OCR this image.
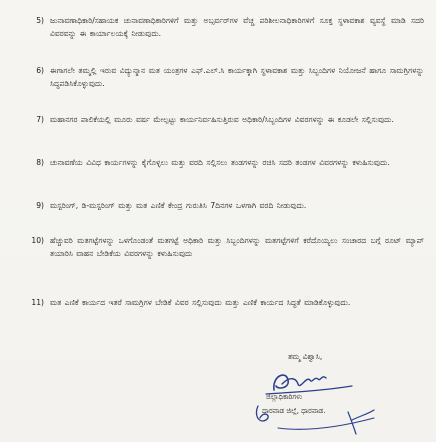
5) ಜುನಾವಣಾಧಿಕಾರಿ/ಸಹಾಯಕ ಚುನಾವಣಾಧಿಕಾರಿಗಳಿಗೆ ಮತ್ತು ಅಬ್ಸರ್ವರ್‌ಗಳ ವೆಚ್ಚ ಪರಿಶೀಲನಾಧಿಕಾರಿಗಳಿಗೆ ಸೂಕ್ತ ಸ್ಥಳಾವಕಾಶ ವ್ಯವಸ್ಥೆ ಮಾಡಿ ಸದರಿ ವಿವರವನ್ನು ಈ ಕಾರ್ಯಾಲಯಕ್ಕೆ ನೀಡುವುದು.
6) ಈಗಾಗಲೇ ತಮ್ಮಲ್ಲಿ ಇರುವ ವಿದ್ಯುನ್ಮಾನ ಮತ ಯಂತ್ರಗಳ ಎಫ್.ಎಲ್.ಸಿ ಕಾರ್ಯಕ್ಕಾಗಿ ಸ್ಥಳಾವಕಾಶ ಮತ್ತು ಸಿಬ್ಬಂದಿಗಳ ನಿಯೋಜನೆ ಹಾಗೂ ಸಾಮಗ್ರಿಗಳನ್ನು ಸಿದ್ಧಪಡಿಸಿಕೊಳ್ಳುವುದು.
7) ಮಹಾನಗರ ಪಾಲಿಕೆಯಲ್ಲಿ ಮೂರು ವರ್ಷ ಮೇಲ್ಪಟ್ಟು ಕಾರ್ಯನಿರ್ವಹಿಸುತ್ತಿರುವ ಅಧಿಕಾರಿ/ಸಿಬ್ಬಂದಿಗಳ ವಿವರಗಳನ್ನು ಈ ಕೂಡಲೇ ಸಲ್ಲಿಸುವುದು.
8) ಚುನಾವಣೆಯ ವಿವಿಧ ಕಾರ್ಯಗಳನ್ನು ಕೈಗೊಳ್ಳಲು ಮತ್ತು ವರದಿ ಸಲ್ಲಿಸಲು ತಂಡಗಳನ್ನು ರಚಿಸಿ ಸದರಿ ತಂಡಗಳ ವಿವರಗಳನ್ನು ಕಳುಹಿಸುವುದು.
9) ಮಸ್ಟರಿಂಗ್, ಡಿ-ಮಸ್ಟರಿಂಗ್ ಮತ್ತು ಮತ ಎಣಿಕೆ ಕೇಂದ್ರ ಗುರುತಿಸಿ 7ದಿನಗಳ ಒಳಗಾಗಿ ವರದಿ ನೀಡುವುದು.
10) ಹೆಚ್ಚುವರಿ ಮತಗಟ್ಟೆಗಳನ್ನು ಒಳಗೊಂಡಂತೆ ಮತಗಟ್ಟೆ ಅಧಿಕಾರಿ ಮತ್ತು ಸಿಬ್ಬಂದಿಗಳನ್ನು ಮತಗಟ್ಟೆಗಳಿಗೆ ಕರೆದೊಯ್ಯಲು ಸಂಚಾರದ ಬಗ್ಗೆ ರೂಟ್ ಮ್ಯಾಪ್ ತಯಾರಿಸಿ ವಾಹನ ಬೇಡಿಕೆಯ ವಿವರಗಳನ್ನು ಕಳುಹಿಸುವುದು
11) ಮತ ಎಣಿಕೆ ಕಾರ್ಯದ ಇತರೆ ಸಾಮಗ್ರಿಗಳ ಬೇಡಿಕೆ ವಿವರ ಸಲ್ಲಿಸುವುದು ಮತ್ತು ಎಣಿಕೆ ಕಾರ್ಯದ ಸಿದ್ಧತೆ ಮಾಡಿಕೊಳ್ಳುವುದು.
ತಮ್ಮ ವಿಶ್ವಾಸಿ,
ಜಿಲ್ಲಾಧಿಕಾರಿಗಳು
ಧಾರವಾಡ ಜಿಲ್ಲೆ, ಧಾರವಾಡ.
